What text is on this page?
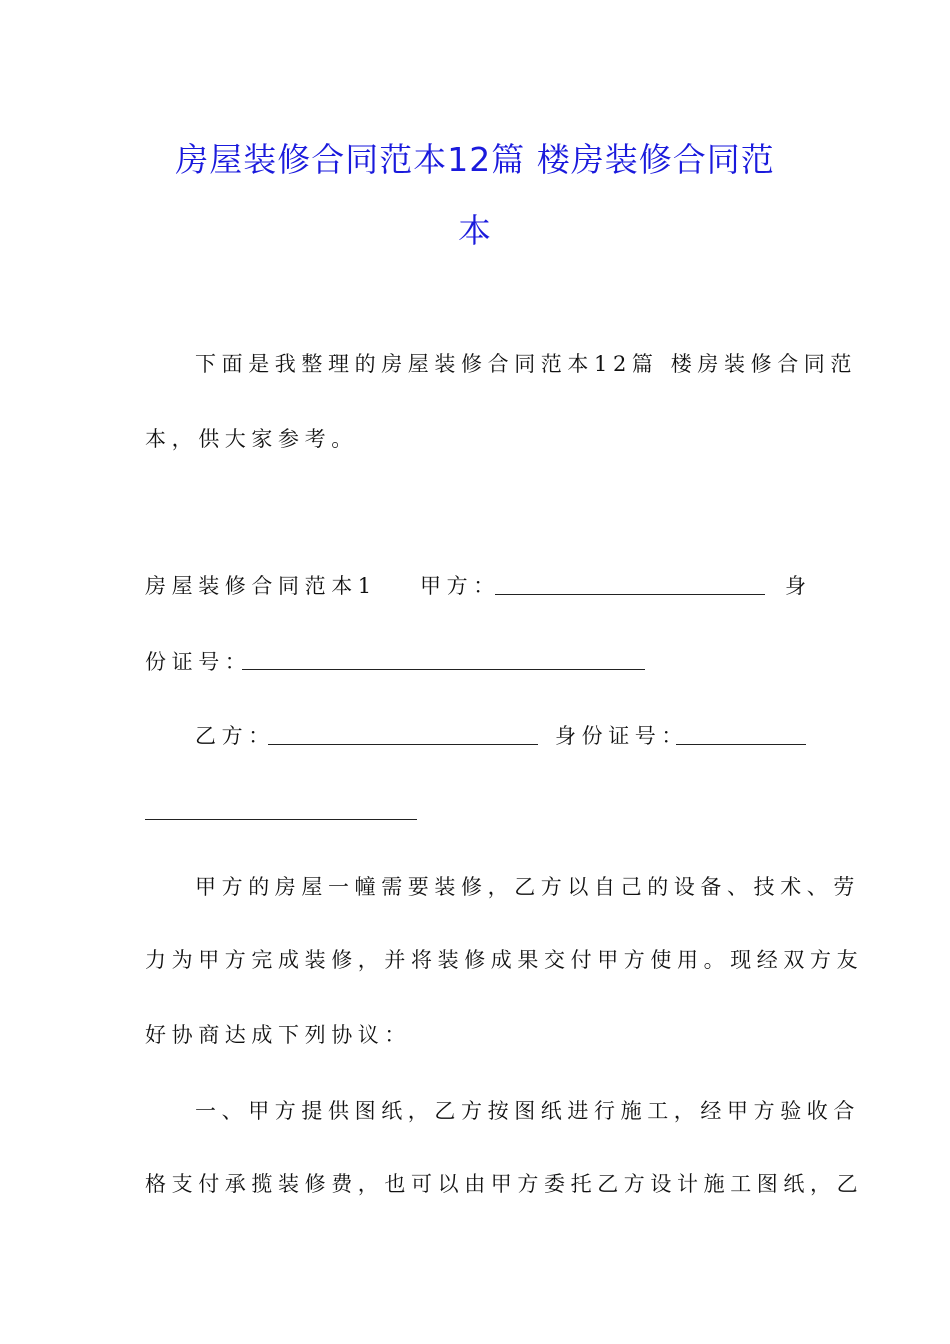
房屋装修合同范本12篇 楼房装修合同范
本
下面是我整理的房屋装修合同范本12篇 楼房装修合同范
本，供大家参考。
房屋装修合同范本1 甲方：	身
份证号：
乙方：	身份证号：
甲方的房屋一幢需要装修，乙方以自己的设备、技术、劳
力为甲方完成装修，并将装修成果交付甲方使用。现经双方友
好协商达成下列协议：
一、甲方提供图纸，乙方按图纸进行施工，经甲方验收合
格支付承揽装修费，也可以由甲方委托乙方设计施工图纸，乙
